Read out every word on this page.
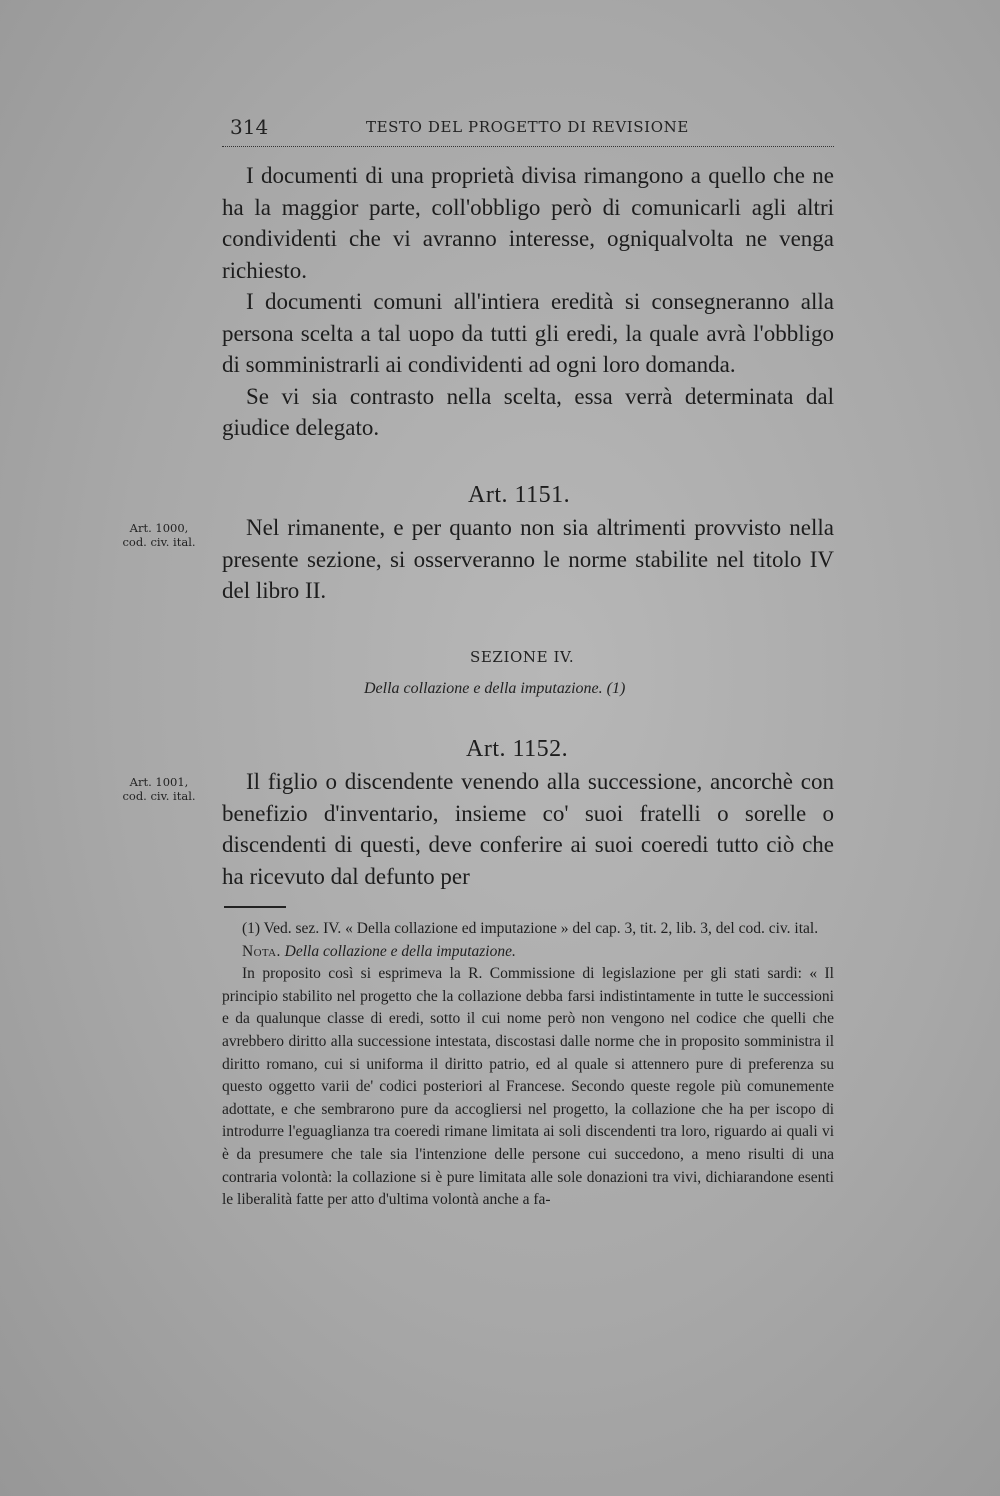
314	TESTO DEL PROGETTO DI REVISIONE

I documenti di una proprietà divisa rimangono a quello che ne ha la maggior parte, coll'obbligo però di comunicarli agli altri condividenti che vi avranno interesse, ogniqualvolta ne venga richiesto.

I documenti comuni all'intiera eredità si consegneranno alla persona scelta a tal uopo da tutti gli eredi, la quale avrà l'obbligo di somministrarli ai condividenti ad ogni loro domanda.

Se vi sia contrasto nella scelta, essa verrà determinata dal giudice delegato.

Art. 1151.
Art. 1000,
cod. civ. ital.

Nel rimanente, e per quanto non sia altrimenti provvisto nella presente sezione, si osserveranno le norme stabilite nel titolo IV del libro II.

SEZIONE IV.
Della collazione e della imputazione. (1)
Art. 1152.
Art. 1001,
cod. civ. ital.

Il figlio o discendente venendo alla successione, ancorchè con benefizio d'inventario, insieme co' suoi fratelli o sorelle o discendenti di questi, deve conferire ai suoi coeredi tutto ciò che ha ricevuto dal defunto per

(1) Ved. sez. IV. « Della collazione ed imputazione » del cap. 3, tit. 2, lib. 3, del cod. civ. ital.

Nota. Della collazione e della imputazione.

In proposito così si esprimeva la R. Commissione di legislazione per gli stati sardi: « Il principio stabilito nel progetto che la collazione debba farsi indistintamente in tutte le successioni e da qualunque classe di eredi, sotto il cui nome però non vengono nel codice che quelli che avrebbero diritto alla successione intestata, discostasi dalle norme che in proposito somministra il diritto romano, cui si uniforma il diritto patrio, ed al quale si attennero pure di preferenza su questo oggetto varii de' codici posteriori al Francese. Secondo queste regole più comunemente adottate, e che sembrarono pure da accogliersi nel progetto, la collazione che ha per iscopo di introdurre l'eguaglianza tra coeredi rimane limitata ai soli discendenti tra loro, riguardo ai quali vi è da presumere che tale sia l'intenzione delle persone cui succedono, a meno risulti di una contraria volontà: la collazione si è pure limitata alle sole donazioni tra vivi, dichiarandone esenti le liberalità fatte per atto d'ultima volontà anche a fa-
